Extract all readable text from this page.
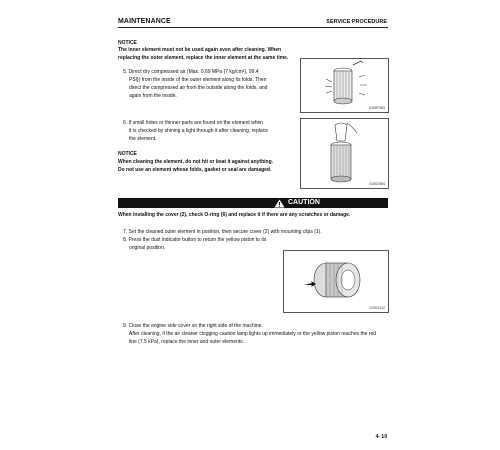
MAINTENANCE	SERVICE PROCEDURE
NOTICE
The inner element must not be used again even after cleaning. When
replacing the outer element, replace the inner element at the same time.
5. Direct dry compressed air (Max. 0.69 MPa {7 kg/cm²}, 99.4
PSI}) from the inside of the outer element along its folds. Then
direct the compressed air from the outside along the folds, and
again from the inside.
SJ00F983
6. If small holes or thinner parts are found on the element when
it is checked by shining a light through it after cleaning, replace
the element.
SJ002984
NOTICE
When cleaning the element, do not hit or beat it against anything.
Do not use an element whose folds, gasket or seal are damaged.
CAUTION
When installing the cover (2), check O-ring (6) and replace it if there are any scratches or damage.
7. Set the cleaned outer element in position, then secure cover (2) with mounting clips (1).
8. Press the dust indicator button to return the yellow piston to its
original position.
SJ002412
9. Close the engine side cover on the right side of the machine.
After cleaning, if the air cleaner clogging caution lamp lights up immediately or the yellow piston reaches the red
line (7.5 kPa), replace the inner and outer elements.
4- 19
